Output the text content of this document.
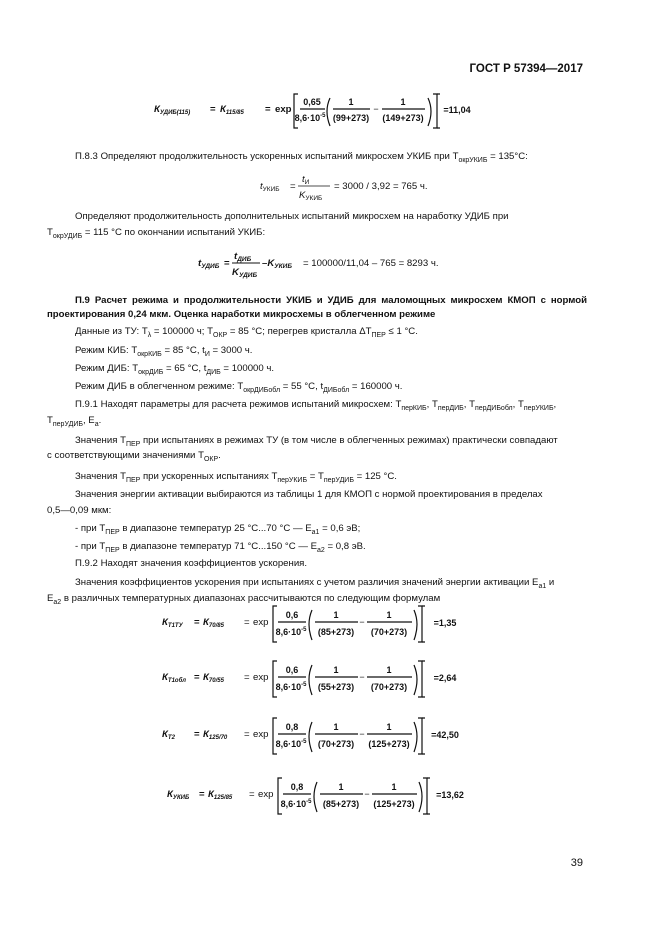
ГОСТ Р 57394—2017
$К_{УДИБ(115)} = К_{115/85} = \exp$
0,65
$8,6\cdot 10^{-5}$
·
1
(99+273)
−
1
(149+273)
=11,04
П.8.3 Определяют продолжительность ускоренных испытаний микросхем УКИБ при $Т_{окрУКИБ} = 135^\circ С$:
$t_{УКИБ}$ =
$t_И$
$K_{УКИБ}$
= 3000 / 3,92 = 765 ч.
Определяют продолжительность дополнительных испытаний микросхем на наработку УДИБ при
$Т_{окрУДИБ} = 115$ °С по окончании испытаний УКИБ:
$t_{УДИБ}$ =
$t_{ДИБ}$
$K_{УДИБ}$
$-K_{УКИБ} = 100000/11,04 - 765 = 8293$ ч.
П.9 Расчет режима и продолжительности УКИБ и УДИБ для маломощных микросхем КМОП с нормой проектирования 0,24 мкм. Оценка наработки микросхемы в облегченном режиме
Данные из ТУ: $Т_\lambda = 100000$ ч; $Т_{ОКР} = 85$ °С; перегрев кристалла $\Delta Т_{ПЕР} \le 1$ °С.
Режим КИБ: $Т_{окрКИБ} = 85$ °С, $t_И = 3000$ ч.
Режим ДИБ: $Т_{окрДИБ} = 65$ °С, $t_{ДИБ} = 100000$ ч.
Режим ДИБ в облегченном режиме: $Т_{окрДИБобл} = 55$ °С, $t_{ДИБобл} = 160000$ ч.
П.9.1 Находят параметры для расчета режимов испытаний микросхем: $Т_{перКИБ}$, $Т_{перДИБ}$, $Т_{перДИБобл}$, $Т_{перУКИБ}$,
$Т_{перУДИБ}$, $E_a$.
Значения $Т_{ПЕР}$ при испытаниях в режимах ТУ (в том числе в облегченных режимах) практически совпадают
с соответствующими значениями $Т_{ОКР}$.
Значения $Т_{ПЕР}$ при ускоренных испытаниях $Т_{перУКИБ} = Т_{перУДИБ} = 125$ °С.
Значения энергии активации выбираются из таблицы 1 для КМОП с нормой проектирования в пределах
0,5—0,09 мкм:
- при $Т_{ПЕР}$ в диапазоне температур 25 °С...70 °С — $E_{a1} = 0,6$ эВ;
- при $Т_{ПЕР}$ в диапазоне температур 71 °С...150 °С — $E_{a2} = 0,8$ эВ.
П.9.2 Находят значения коэффициентов ускорения.
Значения коэффициентов ускорения при испытаниях с учетом различия значений энергии активации $E_{a1}$ и
$E_{a2}$ в различных температурных диапазонах рассчитываются по следующим формулам
$К_{Т1ТУ} = К_{70/85} = \exp$
0,6
$8,6\cdot 10^{-5}$
·
1
(85+273)
−
1
(70+273)
=1,35
$К_{Т1обл} = К_{70/55} = \exp$
0,6
$8,6\cdot 10^{-5}$
·
1
(55+273)
−
1
(70+273)
=2,64
$К_{Т2} = К_{125/70} = \exp$
0,8
$8,6\cdot 10^{-5}$
·
1
(70+273)
−
1
(125+273)
=42,50
$К_{УКИБ} = К_{125/85} = \exp$
0,8
$8,6\cdot 10^{-5}$
·
1
(85+273)
−
1
(125+273)
=13,62
39
